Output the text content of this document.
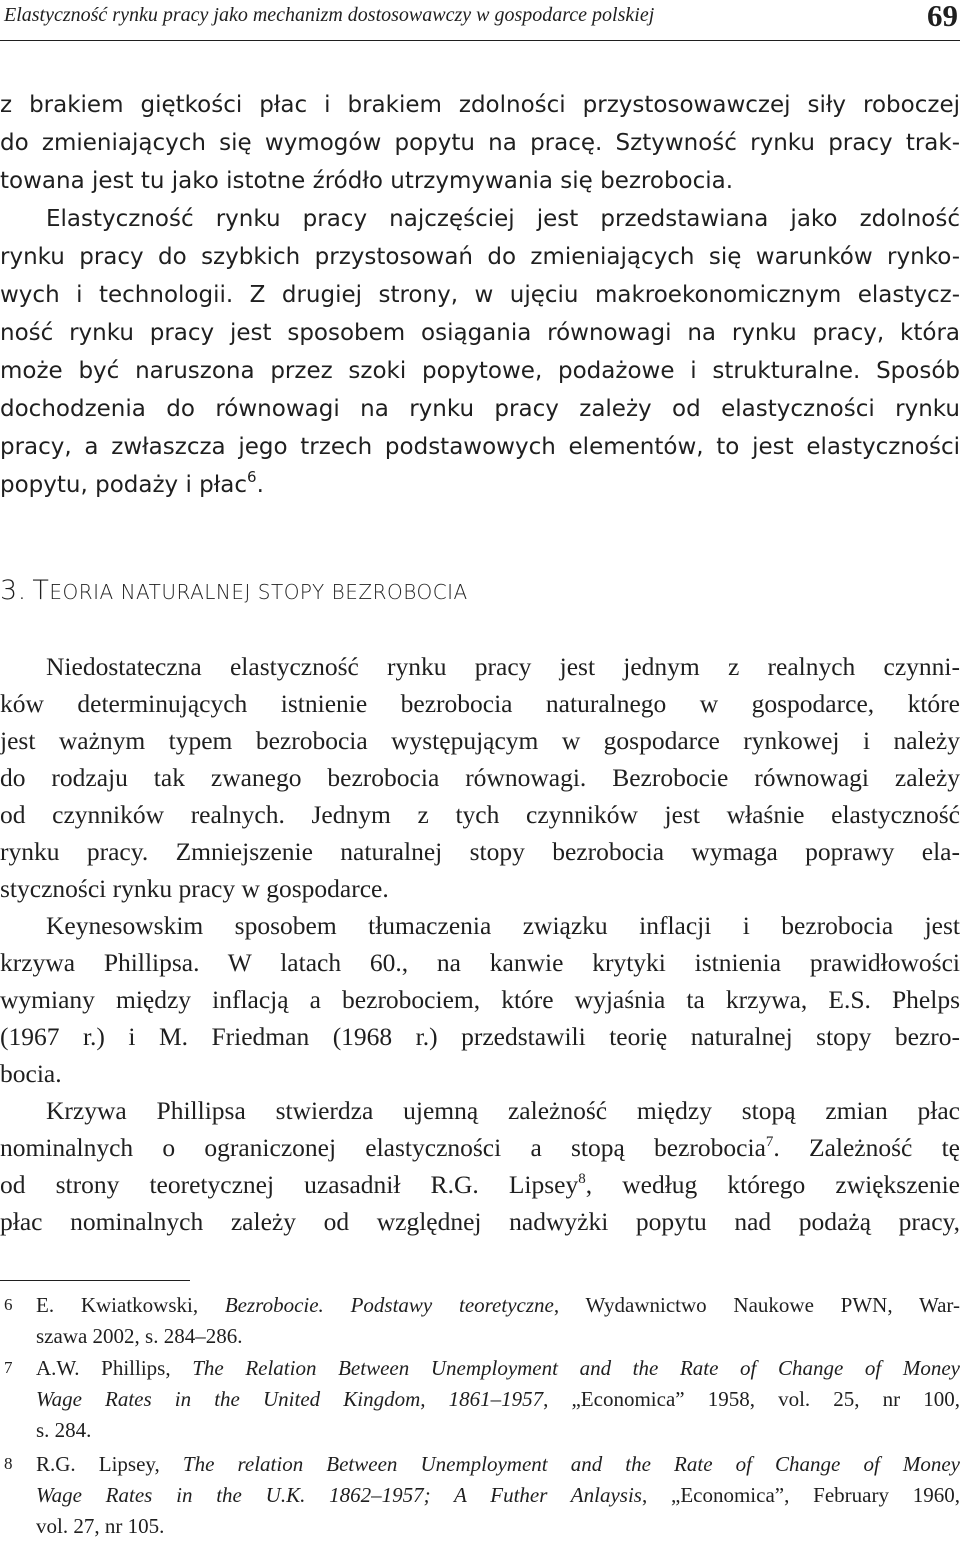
Elastyczność rynku pracy jako mechanizm dostosowawczy w gospodarce polskiej	69
z brakiem giętkości płac i brakiem zdolności przystosowawczej siły roboczej
do zmieniających się wymogów popytu na pracę. Sztywność rynku pracy trak-
towana jest tu jako istotne źródło utrzymywania się bezrobocia.
Elastyczność rynku pracy najczęściej jest przedstawiana jako zdolność
rynku pracy do szybkich przystosowań do zmieniających się warunków rynko-
wych i technologii. Z drugiej strony, w ujęciu makroekonomicznym elastycz-
ność rynku pracy jest sposobem osiągania równowagi na rynku pracy, która
może być naruszona przez szoki popytowe, podażowe i strukturalne. Sposób
dochodzenia do równowagi na rynku pracy zależy od elastyczności rynku
pracy, a zwłaszcza jego trzech podstawowych elementów, to jest elastyczności
popytu, podaży i płac$^6$.
3. TEORIA NATURALNEJ STOPY BEZROBOCIA
Niedostateczna elastyczność rynku pracy jest jednym z realnych czynni-
ków determinujących istnienie bezrobocia naturalnego w gospodarce, które
jest ważnym typem bezrobocia występującym w gospodarce rynkowej i należy
do rodzaju tak zwanego bezrobocia równowagi. Bezrobocie równowagi zależy
od czynników realnych. Jednym z tych czynników jest właśnie elastyczność
rynku pracy. Zmniejszenie naturalnej stopy bezrobocia wymaga poprawy ela-
styczności rynku pracy w gospodarce.
Keynesowskim sposobem tłumaczenia związku inflacji i bezrobocia jest
krzywa Phillipsa. W latach 60., na kanwie krytyki istnienia prawidłowości
wymiany między inflacją a bezrobociem, które wyjaśnia ta krzywa, E.S. Phelps
(1967 r.) i M. Friedman (1968 r.) przedstawili teorię naturalnej stopy bezro-
bocia.
Krzywa Phillipsa stwierdza ujemną zależność między stopą zmian płac
nominalnych o ograniczonej elastyczności a stopą bezrobocia$^7$. Zależność tę
od strony teoretycznej uzasadnił R.G. Lipsey$^8$, według którego zwiększenie
płac nominalnych zależy od względnej nadwyżki popytu nad podażą pracy,
6 E. Kwiatkowski, Bezrobocie. Podstawy teoretyczne, Wydawnictwo Naukowe PWN, War-
szawa 2002, s. 284–286.
7 A.W. Phillips, The Relation Between Unemployment and the Rate of Change of Money
Wage Rates in the United Kingdom, 1861–1957, „Economica” 1958, vol. 25, nr 100,
s. 284.
8 R.G. Lipsey, The relation Between Unemployment and the Rate of Change of Money
Wage Rates in the U.K. 1862–1957; A Futher Anlaysis, „Economica”, February 1960,
vol. 27, nr 105.
